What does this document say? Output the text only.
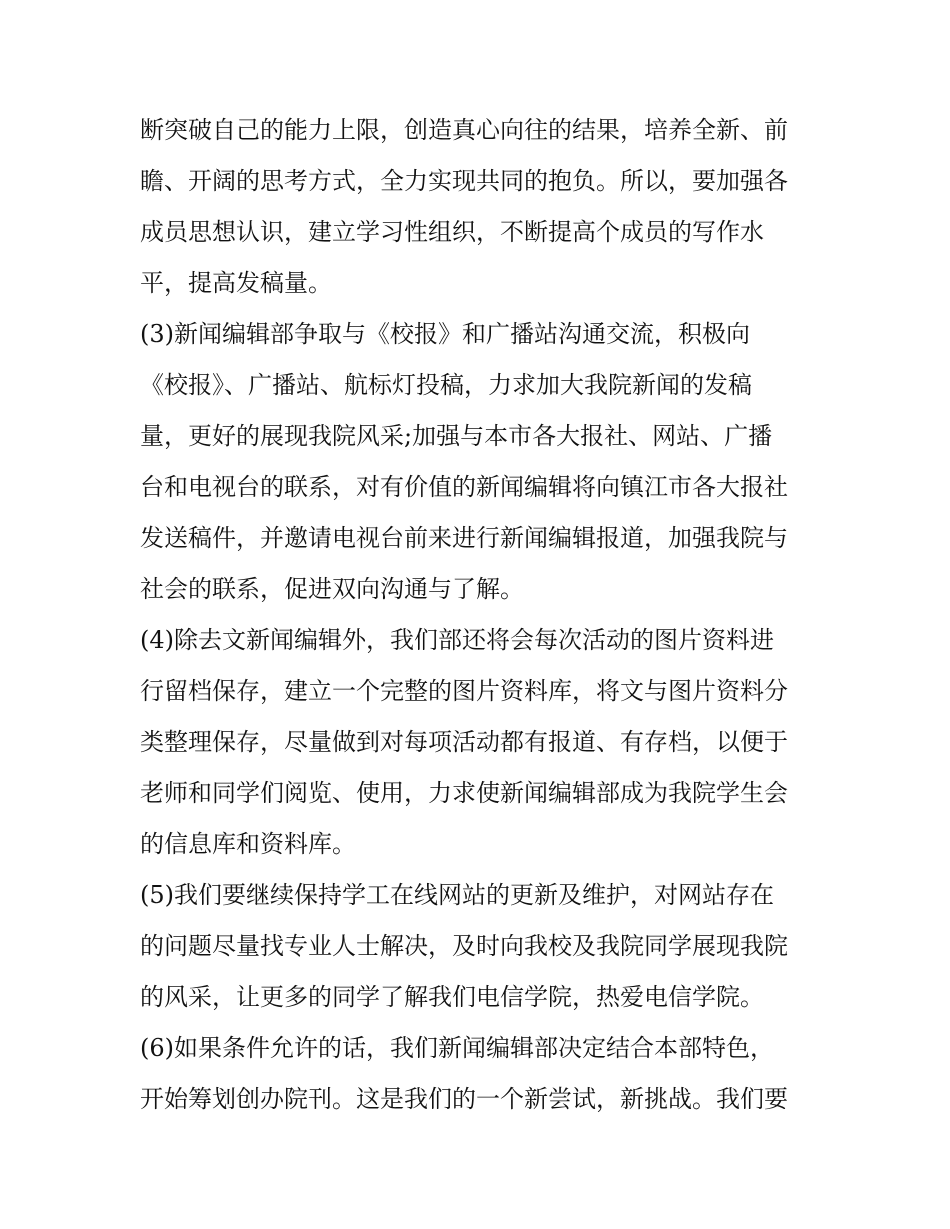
断突破自己的能力上限，创造真心向往的结果，培养全新、前
瞻、开阔的思考方式，全力实现共同的抱负。所以，要加强各
成员思想认识，建立学习性组织，不断提高个成员的写作水
平，提高发稿量。
(3)新闻编辑部争取与《校报》和广播站沟通交流，积极向
《校报》、广播站、航标灯投稿，力求加大我院新闻的发稿
量，更好的展现我院风采;加强与本市各大报社、网站、广播
台和电视台的联系，对有价值的新闻编辑将向镇江市各大报社
发送稿件，并邀请电视台前来进行新闻编辑报道，加强我院与
社会的联系，促进双向沟通与了解。
(4)除去文新闻编辑外，我们部还将会每次活动的图片资料进
行留档保存，建立一个完整的图片资料库，将文与图片资料分
类整理保存，尽量做到对每项活动都有报道、有存档，以便于
老师和同学们阅览、使用，力求使新闻编辑部成为我院学生会
的信息库和资料库。
(5)我们要继续保持学工在线网站的更新及维护，对网站存在
的问题尽量找专业人士解决，及时向我校及我院同学展现我院
的风采，让更多的同学了解我们电信学院，热爱电信学院。
(6)如果条件允许的话，我们新闻编辑部决定结合本部特色，
开始筹划创办院刊。这是我们的一个新尝试，新挑战。我们要
